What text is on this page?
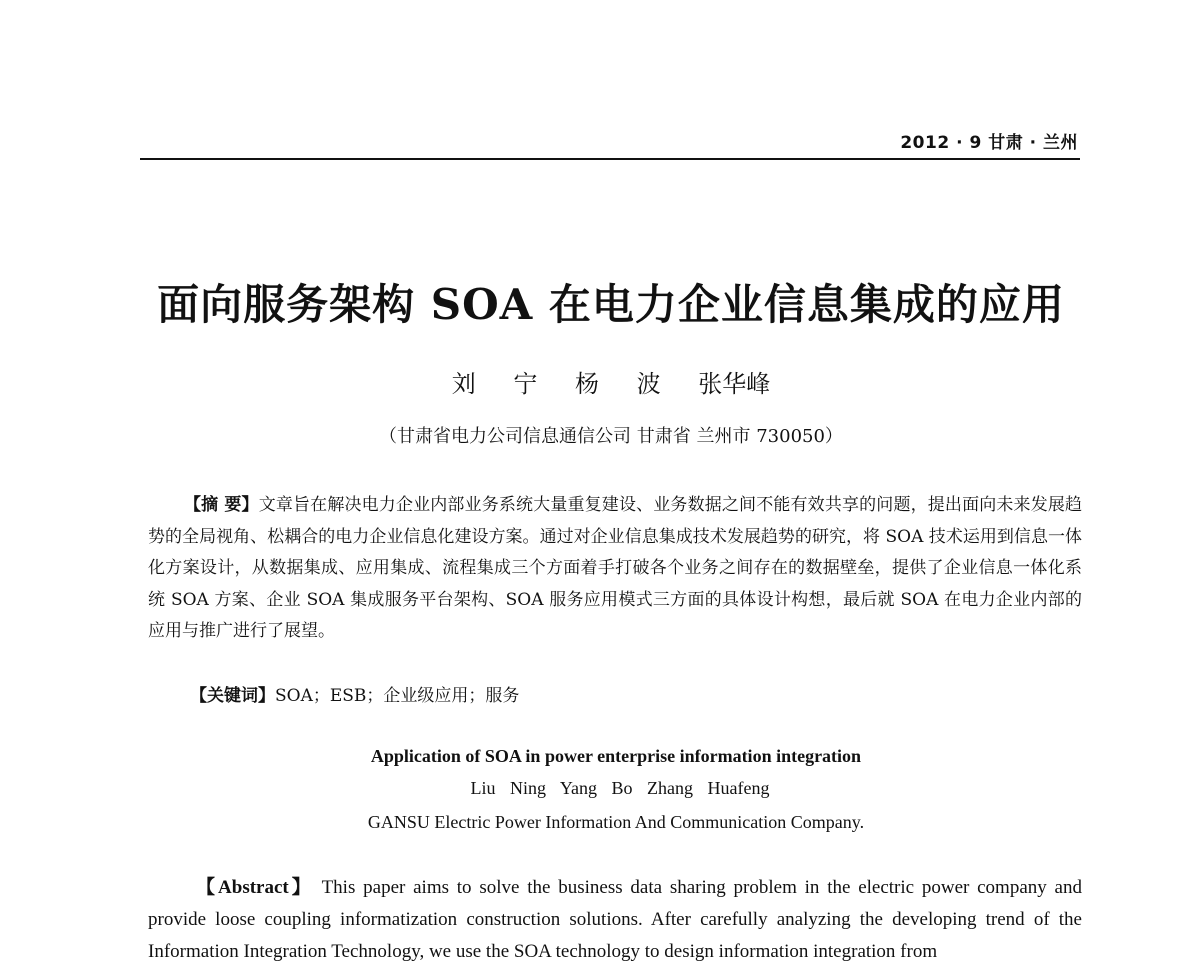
2012 · 9 甘肃 · 兰州
面向服务架构 SOA 在电力企业信息集成的应用
刘 宁 杨 波 张华峰
（甘肃省电力公司信息通信公司 甘肃省 兰州市 730050）

【摘 要】文章旨在解决电力企业内部业务系统大量重复建设、业务数据之间不能有效共享的问题，提出面向未来发展趋势的全局视角、松耦合的电力企业信息化建设方案。通过对企业信息集成技术发展趋势的研究，将 SOA 技术运用到信息一体化方案设计，从数据集成、应用集成、流程集成三个方面着手打破各个业务之间存在的数据壁垒，提供了企业信息一体化系统 SOA 方案、企业 SOA 集成服务平台架构、SOA 服务应用模式三方面的具体设计构想，最后就 SOA 在电力企业内部的应用与推广进行了展望。

【关键词】SOA；ESB；企业级应用；服务
Application of SOA in power enterprise information integration
Liu Ning Yang Bo Zhang Huafeng
GANSU Electric Power Information And Communication Company.

【Abstract】 This paper aims to solve the business data sharing problem in the electric power company and provide loose coupling informatization construction solutions. After carefully analyzing the developing trend of the Information Integration Technology, we use the SOA technology to design information integration from
